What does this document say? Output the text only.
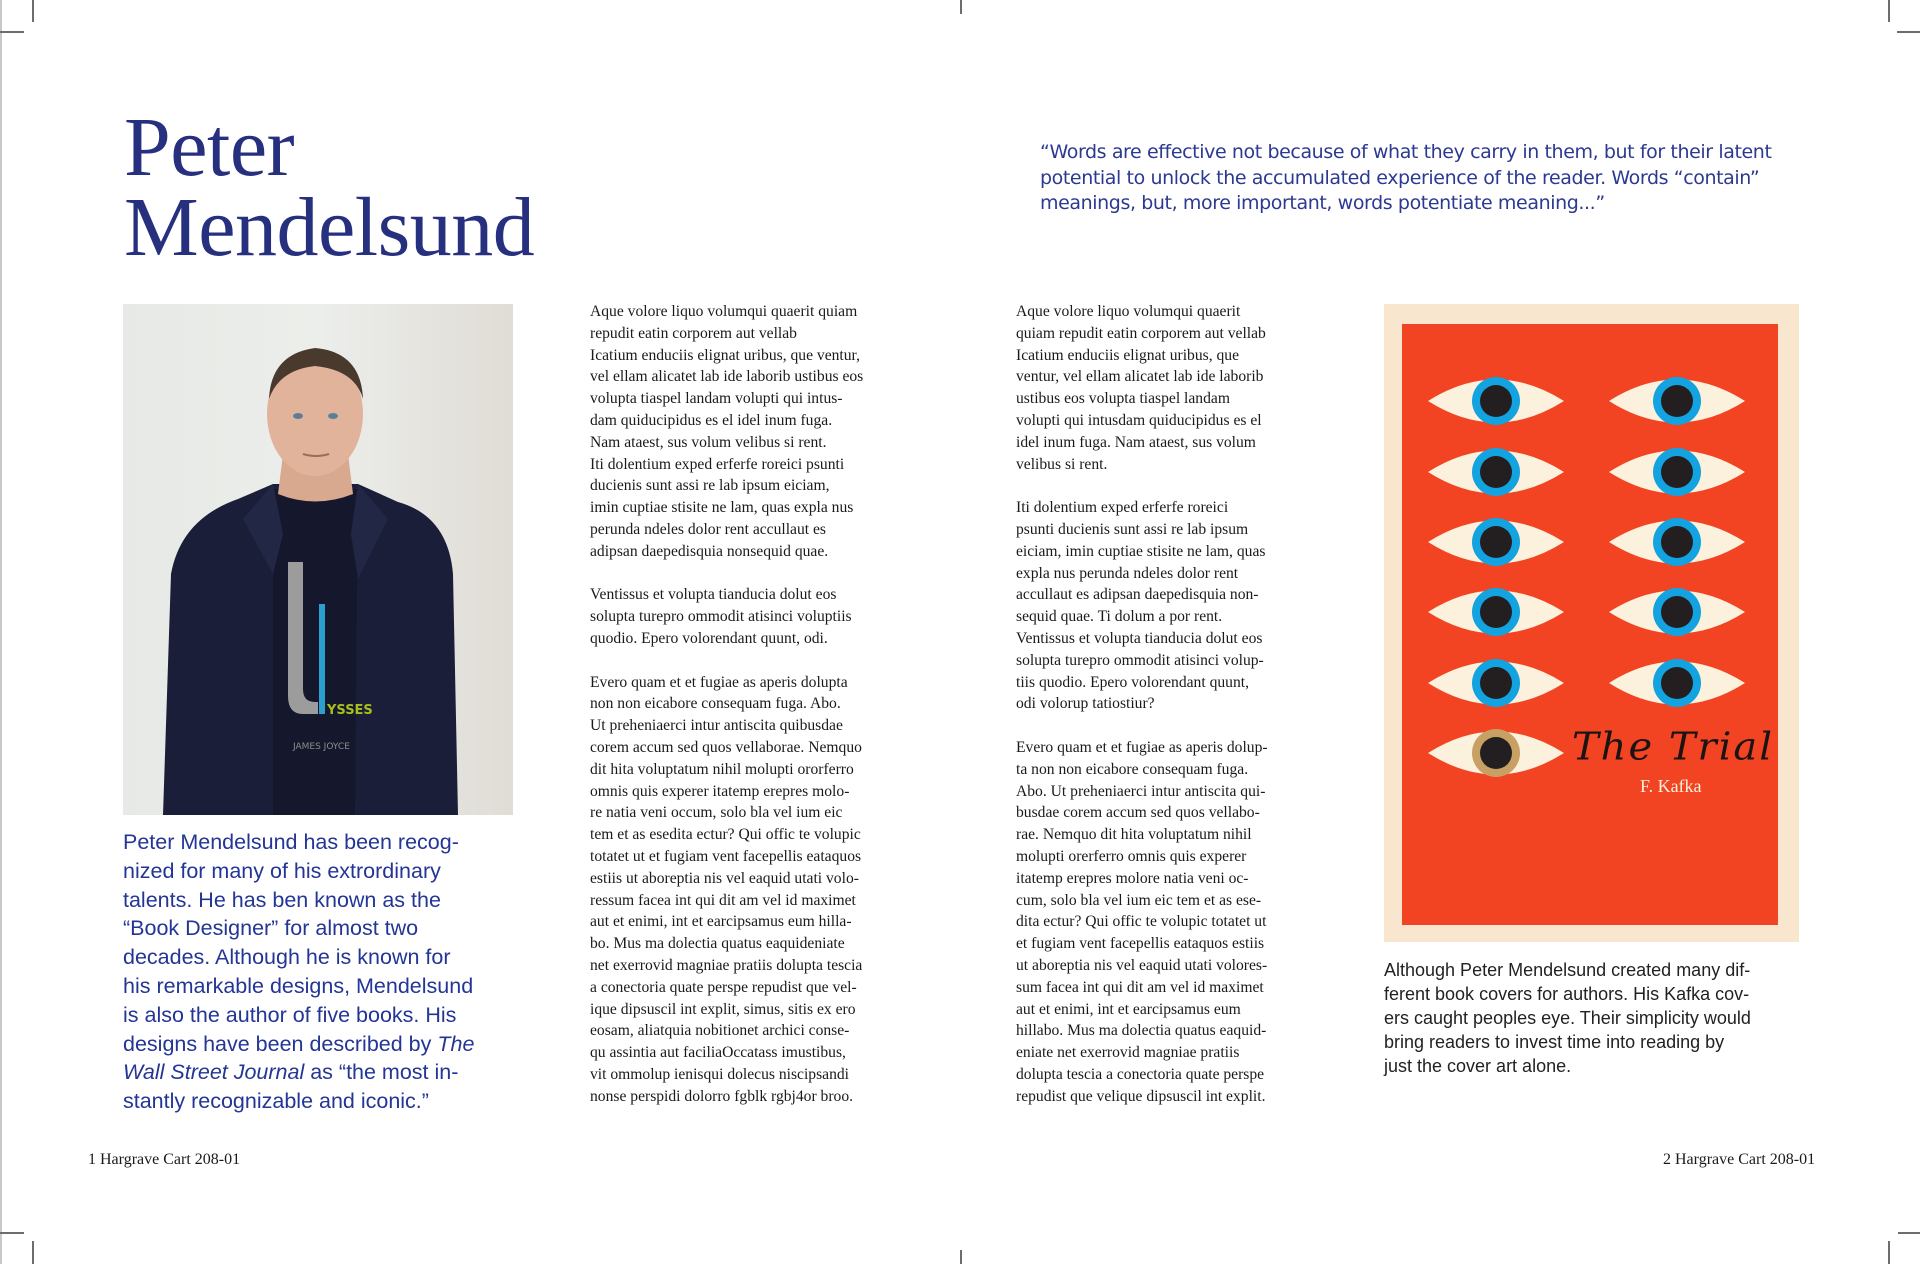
Peter
Mendelsund
“Words are effective not because of what they carry in them, but for their latent
potential to unlock the accumulated experience of the reader. Words “contain”
meanings, but, more important, words potentiate meaning...”
YSSES
JAMES JOYCE
Peter Mendelsund has been recog-
nized for many of his extrordinary
talents. He has ben known as the
“Book Designer” for almost two
decades. Although he is known for
his remarkable designs, Mendelsund
is also the author of five books. His
designs have been described by The
Wall Street Journal as “the most in-
stantly recognizable and iconic.”
Aque volore liquo volumqui quaerit quiam
repudit eatin corporem aut vellab
Icatium enduciis elignat uribus, que ventur,
vel ellam alicatet lab ide laborib ustibus eos
volupta tiaspel landam volupti qui intus-
dam quiducipidus es el idel inum fuga.
Nam ataest, sus volum velibus si rent.
Iti dolentium exped erferfe roreici psunti
ducienis sunt assi re lab ipsum eiciam,
imin cuptiae stisite ne lam, quas expla nus
perunda ndeles dolor rent accullaut es
adipsan daepedisquia nonsequid quae.
Ventissus et volupta tianducia dolut eos
solupta turepro ommodit atisinci voluptiis
quodio. Epero volorendant quunt, odi.
Evero quam et et fugiae as aperis dolupta
non non eicabore consequam fuga. Abo.
Ut preheniaerci intur antiscita quibusdae
corem accum sed quos vellaborae. Nemquo
dit hita voluptatum nihil molupti ororferro
omnis quis experer itatemp erepres molo-
re natia veni occum, solo bla vel ium eic
tem et as esedita ectur? Qui offic te volupic
totatet ut et fugiam vent facepellis eataquos
estiis ut aboreptia nis vel eaquid utati volo-
ressum facea int qui dit am vel id maximet
aut et enimi, int et earcipsamus eum hilla-
bo. Mus ma dolectia quatus eaquideniate
net exerrovid magniae pratiis dolupta tescia
a conectoria quate perspe repudist que vel-
ique dipsuscil int explit, simus, sitis ex ero
eosam, aliatquia nobitionet archici conse-
qu assintia aut faciliaOccatass imustibus,
vit ommolup ienisqui dolecus niscipsandi
nonse perspidi dolorro fgblk rgbj4or broo.
Aque volore liquo volumqui quaerit
quiam repudit eatin corporem aut vellab
Icatium enduciis elignat uribus, que
ventur, vel ellam alicatet lab ide laborib
ustibus eos volupta tiaspel landam
volupti qui intusdam quiducipidus es el
idel inum fuga. Nam ataest, sus volum
velibus si rent.
Iti dolentium exped erferfe roreici
psunti ducienis sunt assi re lab ipsum
eiciam, imin cuptiae stisite ne lam, quas
expla nus perunda ndeles dolor rent
accullaut es adipsan daepedisquia non-
sequid quae. Ti dolum a por rent.
Ventissus et volupta tianducia dolut eos
solupta turepro ommodit atisinci volup-
tiis quodio. Epero volorendant quunt,
odi volorup tatiostiur?
Evero quam et et fugiae as aperis dolup-
ta non non eicabore consequam fuga.
Abo. Ut preheniaerci intur antiscita qui-
busdae corem accum sed quos vellabo-
rae. Nemquo dit hita voluptatum nihil
molupti orerferro omnis quis experer
itatemp erepres molore natia veni oc-
cum, solo bla vel ium eic tem et as ese-
dita ectur? Qui offic te volupic totatet ut
et fugiam vent facepellis eataquos estiis
ut aboreptia nis vel eaquid utati volores-
sum facea int qui dit am vel id maximet
aut et enimi, int et earcipsamus eum
hillabo. Mus ma dolectia quatus eaquid-
eniate net exerrovid magniae pratiis
dolupta tescia a conectoria quate perspe
repudist que velique dipsuscil int explit.
The Trial
F. Kafka
Although Peter Mendelsund created many dif-
ferent book covers for authors. His Kafka cov-
ers caught peoples eye. Their simplicity would
bring readers to invest time into reading by
just the cover art alone.
1 Hargrave Cart 208-01	2 Hargrave Cart 208-01
